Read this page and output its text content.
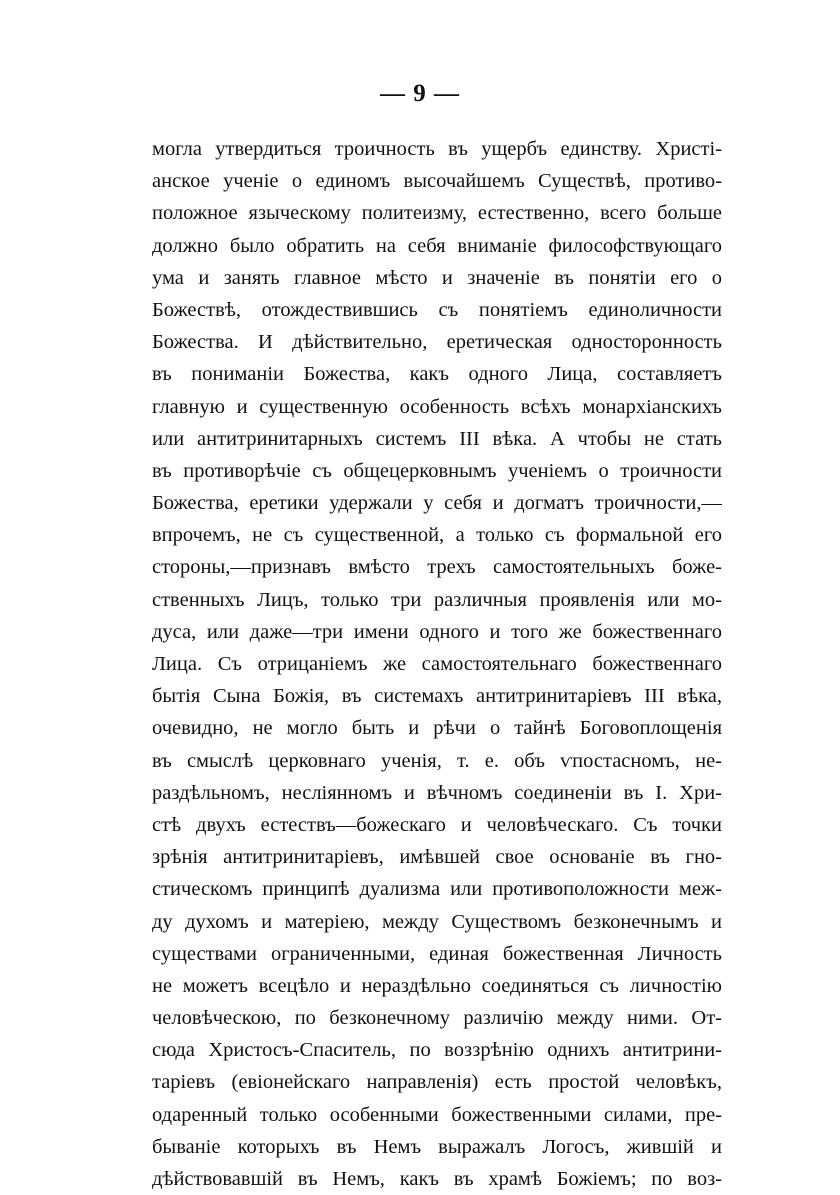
— 9 —
могла утвердиться троичность въ ущербъ единству. Христі-
анское ученіе о единомъ высочайшемъ Существѣ, противо-
положное языческому политеизму, естественно, всего больше
должно было обратить на себя вниманіе философствующаго
ума и занять главное мѣсто и значеніе въ понятіи его о
Божествѣ, отождествившись съ понятіемъ единоличности
Божества. И дѣйствительно, еретическая односторонность
въ пониманіи Божества, какъ одного Лица, составляетъ
главную и существенную особенность всѣхъ монархіанскихъ
или антитринитарныхъ системъ III вѣка. А чтобы не стать
въ противорѣчіе съ общецерковнымъ ученіемъ о троичности
Божества, еретики удержали у себя и догматъ троичности,—
впрочемъ, не съ существенной, а только съ формальной его
стороны,—признавъ вмѣсто трехъ самостоятельныхъ боже-
ственныхъ Лицъ, только три различныя проявленія или мо-
дуса, или даже—три имени одного и того же божественнаго
Лица. Съ отрицаніемъ же самостоятельнаго божественнаго
бытія Сына Божія, въ системахъ антитринитаріевъ III вѣка,
очевидно, не могло быть и рѣчи о тайнѣ Боговоплощенія
въ смыслѣ церковнаго ученія, т. е. объ ѵпостасномъ, не-
раздѣльномъ, неслiянномъ и вѣчномъ соединеніи въ I. Хри-
стѣ двухъ естествъ—божескаго и человѣческаго. Съ точки
зрѣнія антитринитаріевъ, имѣвшей свое основаніе въ гно-
стическомъ принципѣ дуализма или противоположности меж-
ду духомъ и матеріею, между Существомъ безконечнымъ и
существами ограниченными, единая божественная Личность
не можетъ всецѣло и нераздѣльно соединяться съ личностію
человѣческою, по безконечному различію между ними. От-
сюда Христосъ-Спаситель, по воззрѣнію однихъ антитрини-
таріевъ (евіонейскаго направленія) есть простой человѣкъ,
одаренный только особенными божественными силами, пре-
бываніе которыхъ въ Немъ выражалъ Логосъ, жившій и
дѣйствовавшій въ Немъ, какъ въ храмѣ Божіемъ; по воз-
